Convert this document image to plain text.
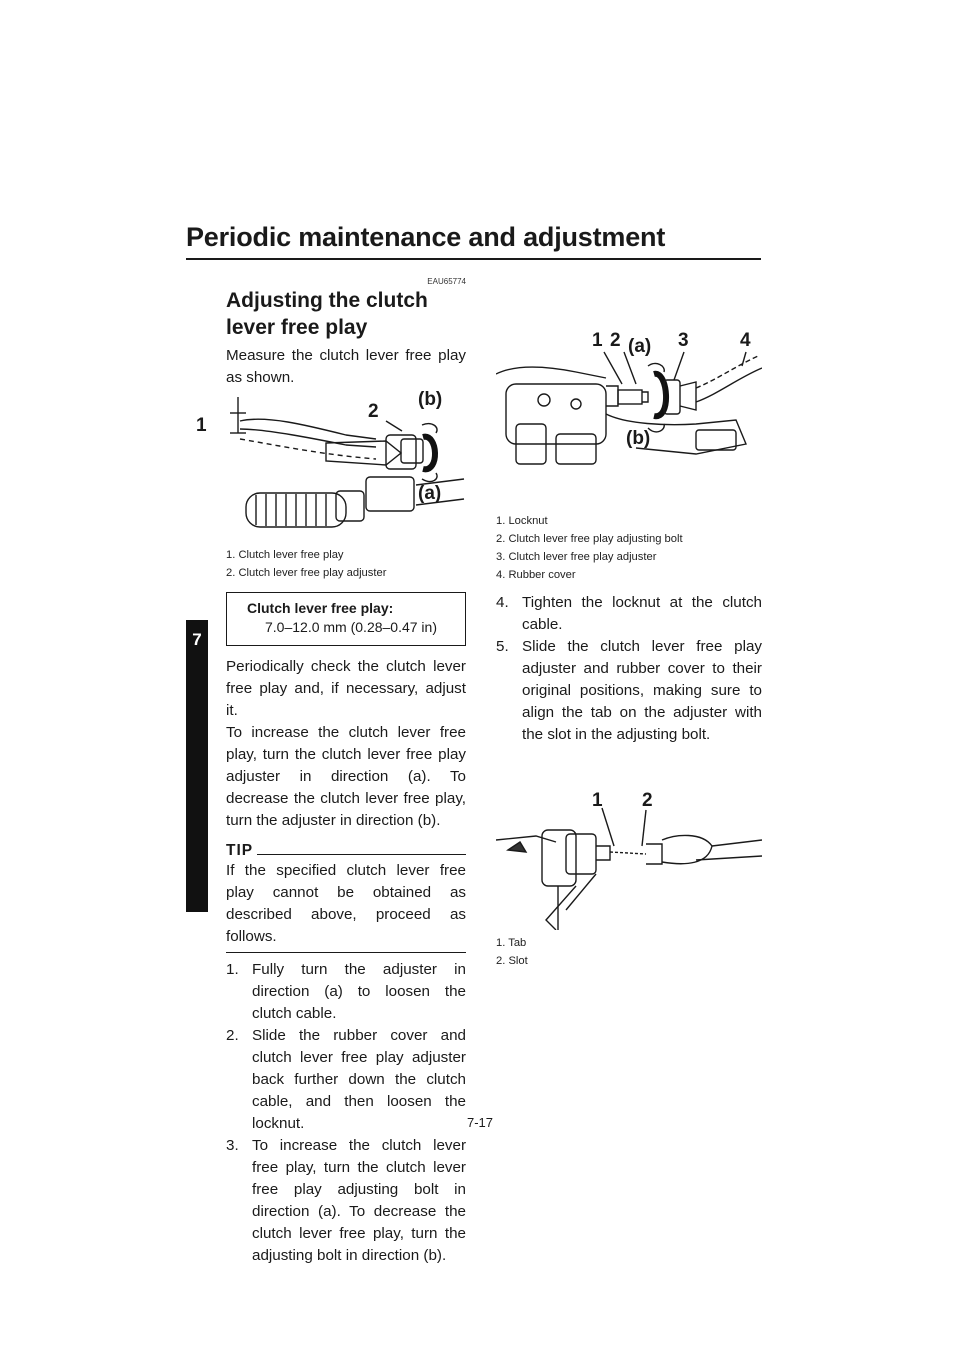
Periodic maintenance and adjustment
7
EAU65774
Adjusting the clutch lever free play

Measure the clutch lever free play as shown.

1
2
(b)
(a)
1. Clutch lever free play
2. Clutch lever free play adjuster
Clutch lever free play:
7.0–12.0 mm (0.28–0.47 in)

Periodically check the clutch lever free play and, if necessary, adjust it.

To increase the clutch lever free play, turn the clutch lever free play adjuster in direction (a). To decrease the clutch lever free play, turn the adjuster in direction (b).

TIP

If the specified clutch lever free play cannot be obtained as described above, proceed as follows.

1. Fully turn the adjuster in direction (a) to loosen the clutch cable.
2. Slide the rubber cover and clutch lever free play adjuster back further down the clutch cable, and then loosen the locknut.
3. To increase the clutch lever free play, turn the clutch lever free play adjusting bolt in direction (a). To decrease the clutch lever free play, turn the adjusting bolt in direction (b).
1 2 (a) 3	4
(b)
1. Locknut
2. Clutch lever free play adjusting bolt
3. Clutch lever free play adjuster
4. Rubber cover
4. Tighten the locknut at the clutch cable.
5. Slide the clutch lever free play adjuster and rubber cover to their original positions, making sure to align the tab on the adjuster with the slot in the adjusting bolt.
1 2
1. Tab
2. Slot
7-17
